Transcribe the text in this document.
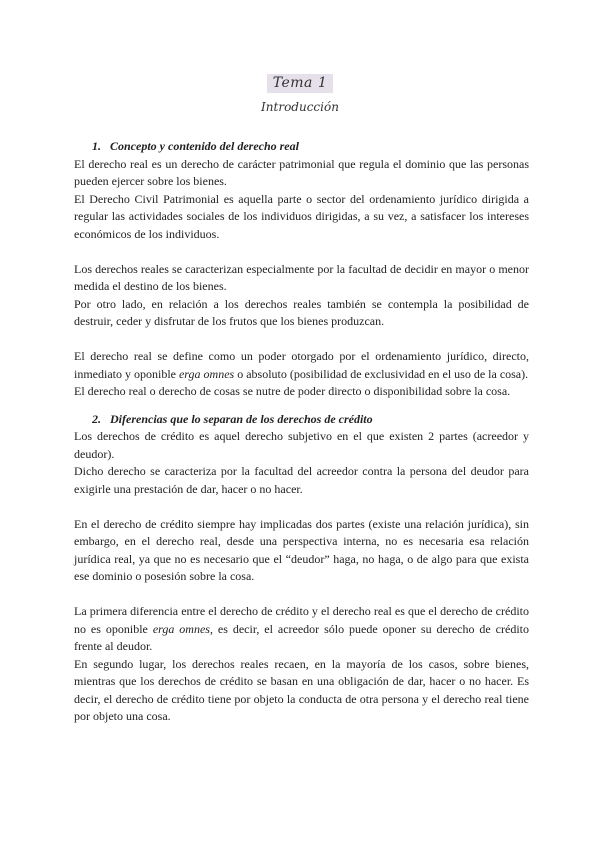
Tema 1
Introducción
1. Concepto y contenido del derecho real

El derecho real es un derecho de carácter patrimonial que regula el dominio que las personas pueden ejercer sobre los bienes.

El Derecho Civil Patrimonial es aquella parte o sector del ordenamiento jurídico dirigida a regular las actividades sociales de los individuos dirigidas, a su vez, a satisfacer los intereses económicos de los individuos.

Los derechos reales se caracterizan especialmente por la facultad de decidir en mayor o menor medida el destino de los bienes.

Por otro lado, en relación a los derechos reales también se contempla la posibilidad de destruir, ceder y disfrutar de los frutos que los bienes produzcan.

El derecho real se define como un poder otorgado por el ordenamiento jurídico, directo, inmediato y oponible erga omnes o absoluto (posibilidad de exclusividad en el uso de la cosa).

El derecho real o derecho de cosas se nutre de poder directo o disponibilidad sobre la cosa.

2. Diferencias que lo separan de los derechos de crédito

Los derechos de crédito es aquel derecho subjetivo en el que existen 2 partes (acreedor y deudor).

Dicho derecho se caracteriza por la facultad del acreedor contra la persona del deudor para exigirle una prestación de dar, hacer o no hacer.

En el derecho de crédito siempre hay implicadas dos partes (existe una relación jurídica), sin embargo, en el derecho real, desde una perspectiva interna, no es necesaria esa relación jurídica real, ya que no es necesario que el “deudor” haga, no haga, o de algo para que exista ese dominio o posesión sobre la cosa.

La primera diferencia entre el derecho de crédito y el derecho real es que el derecho de crédito no es oponible erga omnes, es decir, el acreedor sólo puede oponer su derecho de crédito frente al deudor.

En segundo lugar, los derechos reales recaen, en la mayoría de los casos, sobre bienes, mientras que los derechos de crédito se basan en una obligación de dar, hacer o no hacer. Es decir, el derecho de crédito tiene por objeto la conducta de otra persona y el derecho real tiene por objeto una cosa.
